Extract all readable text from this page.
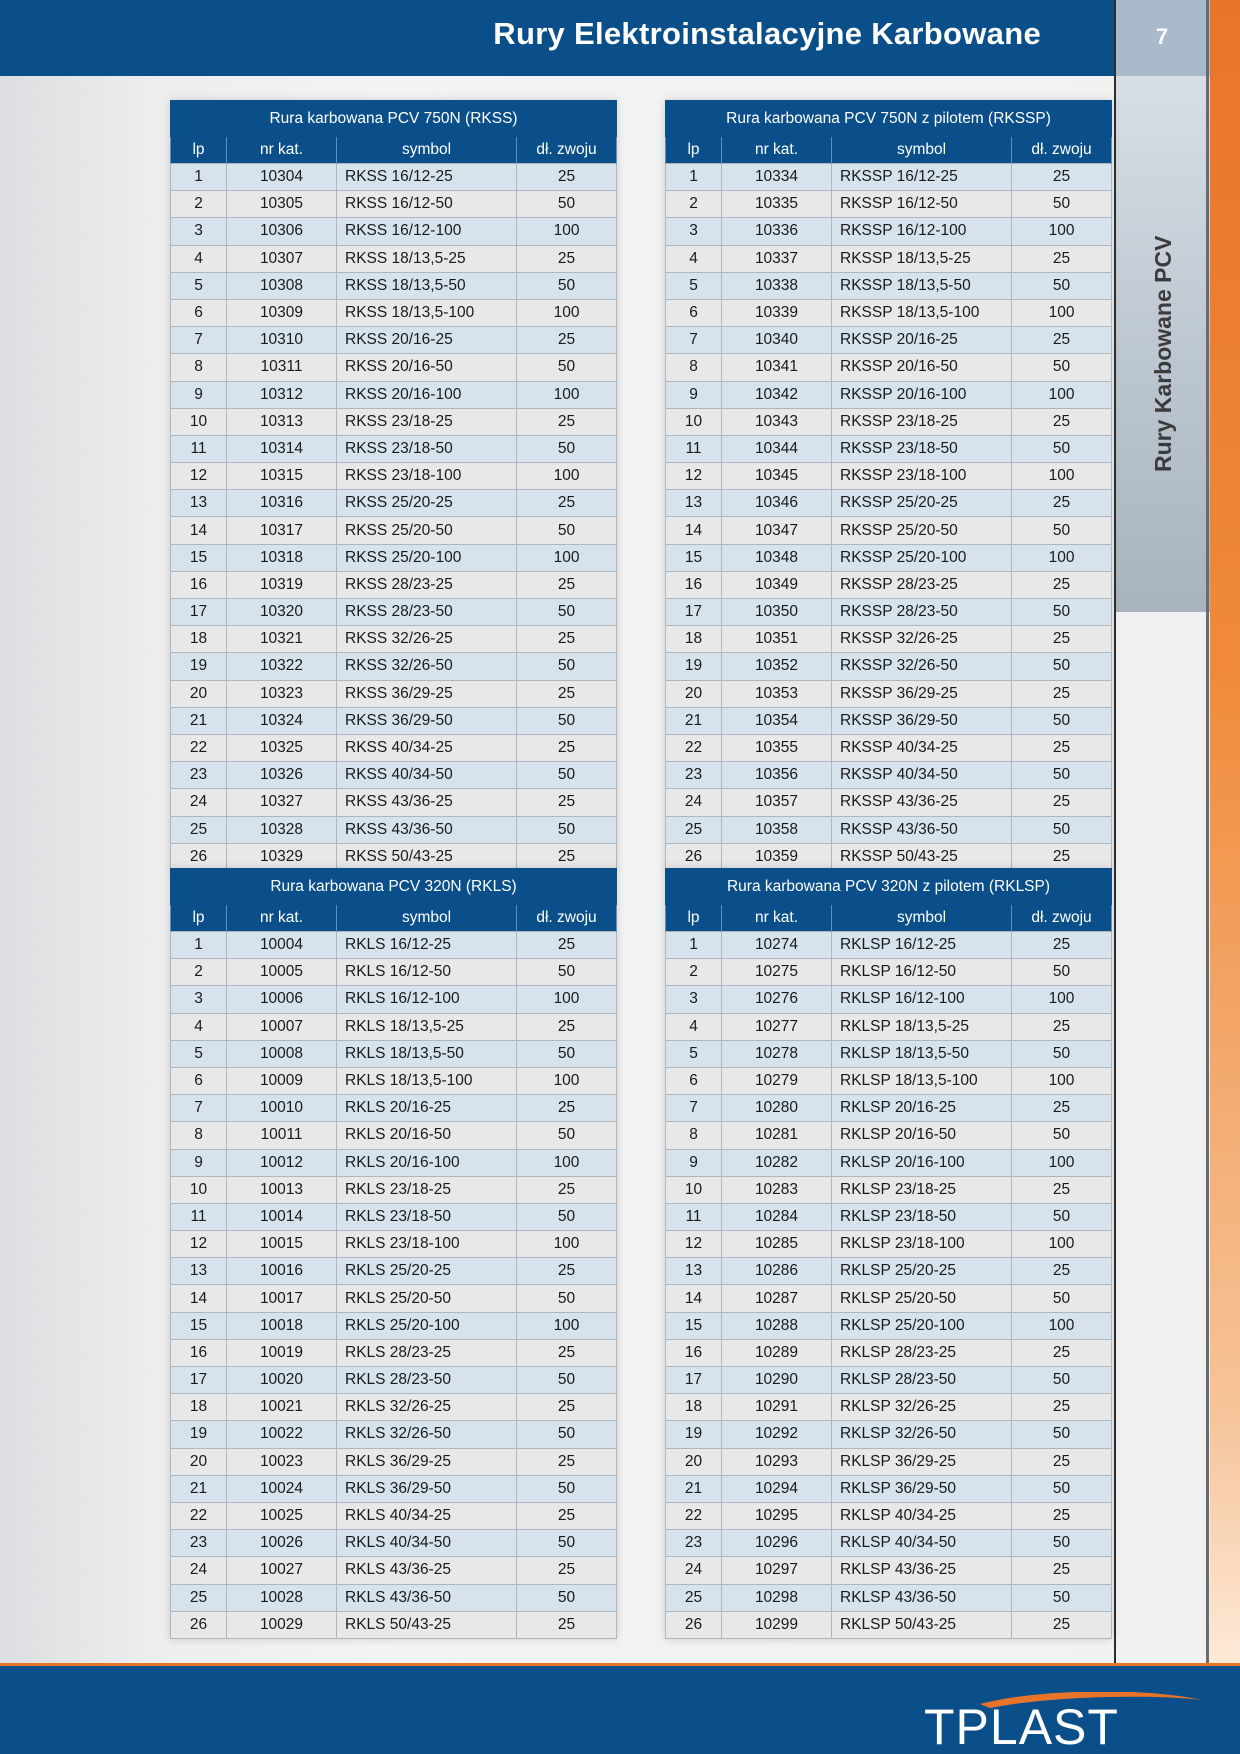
Rury Elektroinstalacyjne Karbowane	7
Rury Karbowane PCV
Rura karbowana PCV 750N (RKSS)			
lp	nr kat.	symbol	dł. zwoju
1	10304	RKSS 16/12-25	25
2	10305	RKSS 16/12-50	50
3	10306	RKSS 16/12-100	100
4	10307	RKSS 18/13,5-25	25
5	10308	RKSS 18/13,5-50	50
6	10309	RKSS 18/13,5-100	100
7	10310	RKSS 20/16-25	25
8	10311	RKSS 20/16-50	50
9	10312	RKSS 20/16-100	100
10	10313	RKSS 23/18-25	25
11	10314	RKSS 23/18-50	50
12	10315	RKSS 23/18-100	100
13	10316	RKSS 25/20-25	25
14	10317	RKSS 25/20-50	50
15	10318	RKSS 25/20-100	100
16	10319	RKSS 28/23-25	25
17	10320	RKSS 28/23-50	50
18	10321	RKSS 32/26-25	25
19	10322	RKSS 32/26-50	50
20	10323	RKSS 36/29-25	25
21	10324	RKSS 36/29-50	50
22	10325	RKSS 40/34-25	25
23	10326	RKSS 40/34-50	50
24	10327	RKSS 43/36-25	25
25	10328	RKSS 43/36-50	50
26	10329	RKSS 50/43-25	25
Rura karbowana PCV 750N z pilotem (RKSSP)			
lp	nr kat.	symbol	dł. zwoju
1	10334	RKSSP 16/12-25	25
2	10335	RKSSP 16/12-50	50
3	10336	RKSSP 16/12-100	100
4	10337	RKSSP 18/13,5-25	25
5	10338	RKSSP 18/13,5-50	50
6	10339	RKSSP 18/13,5-100	100
7	10340	RKSSP 20/16-25	25
8	10341	RKSSP 20/16-50	50
9	10342	RKSSP 20/16-100	100
10	10343	RKSSP 23/18-25	25
11	10344	RKSSP 23/18-50	50
12	10345	RKSSP 23/18-100	100
13	10346	RKSSP 25/20-25	25
14	10347	RKSSP 25/20-50	50
15	10348	RKSSP 25/20-100	100
16	10349	RKSSP 28/23-25	25
17	10350	RKSSP 28/23-50	50
18	10351	RKSSP 32/26-25	25
19	10352	RKSSP 32/26-50	50
20	10353	RKSSP 36/29-25	25
21	10354	RKSSP 36/29-50	50
22	10355	RKSSP 40/34-25	25
23	10356	RKSSP 40/34-50	50
24	10357	RKSSP 43/36-25	25
25	10358	RKSSP 43/36-50	50
26	10359	RKSSP 50/43-25	25
Rura karbowana PCV 320N (RKLS)			
lp	nr kat.	symbol	dł. zwoju
1	10004	RKLS 16/12-25	25
2	10005	RKLS 16/12-50	50
3	10006	RKLS 16/12-100	100
4	10007	RKLS 18/13,5-25	25
5	10008	RKLS 18/13,5-50	50
6	10009	RKLS 18/13,5-100	100
7	10010	RKLS 20/16-25	25
8	10011	RKLS 20/16-50	50
9	10012	RKLS 20/16-100	100
10	10013	RKLS 23/18-25	25
11	10014	RKLS 23/18-50	50
12	10015	RKLS 23/18-100	100
13	10016	RKLS 25/20-25	25
14	10017	RKLS 25/20-50	50
15	10018	RKLS 25/20-100	100
16	10019	RKLS 28/23-25	25
17	10020	RKLS 28/23-50	50
18	10021	RKLS 32/26-25	25
19	10022	RKLS 32/26-50	50
20	10023	RKLS 36/29-25	25
21	10024	RKLS 36/29-50	50
22	10025	RKLS 40/34-25	25
23	10026	RKLS 40/34-50	50
24	10027	RKLS 43/36-25	25
25	10028	RKLS 43/36-50	50
26	10029	RKLS 50/43-25	25
Rura karbowana PCV 320N z pilotem (RKLSP)			
lp	nr kat.	symbol	dł. zwoju
1	10274	RKLSP 16/12-25	25
2	10275	RKLSP 16/12-50	50
3	10276	RKLSP 16/12-100	100
4	10277	RKLSP 18/13,5-25	25
5	10278	RKLSP 18/13,5-50	50
6	10279	RKLSP 18/13,5-100	100
7	10280	RKLSP 20/16-25	25
8	10281	RKLSP 20/16-50	50
9	10282	RKLSP 20/16-100	100
10	10283	RKLSP 23/18-25	25
11	10284	RKLSP 23/18-50	50
12	10285	RKLSP 23/18-100	100
13	10286	RKLSP 25/20-25	25
14	10287	RKLSP 25/20-50	50
15	10288	RKLSP 25/20-100	100
16	10289	RKLSP 28/23-25	25
17	10290	RKLSP 28/23-50	50
18	10291	RKLSP 32/26-25	25
19	10292	RKLSP 32/26-50	50
20	10293	RKLSP 36/29-25	25
21	10294	RKLSP 36/29-50	50
22	10295	RKLSP 40/34-25	25
23	10296	RKLSP 40/34-50	50
24	10297	RKLSP 43/36-25	25
25	10298	RKLSP 43/36-50	50
26	10299	RKLSP 50/43-25	25
TPLAST
